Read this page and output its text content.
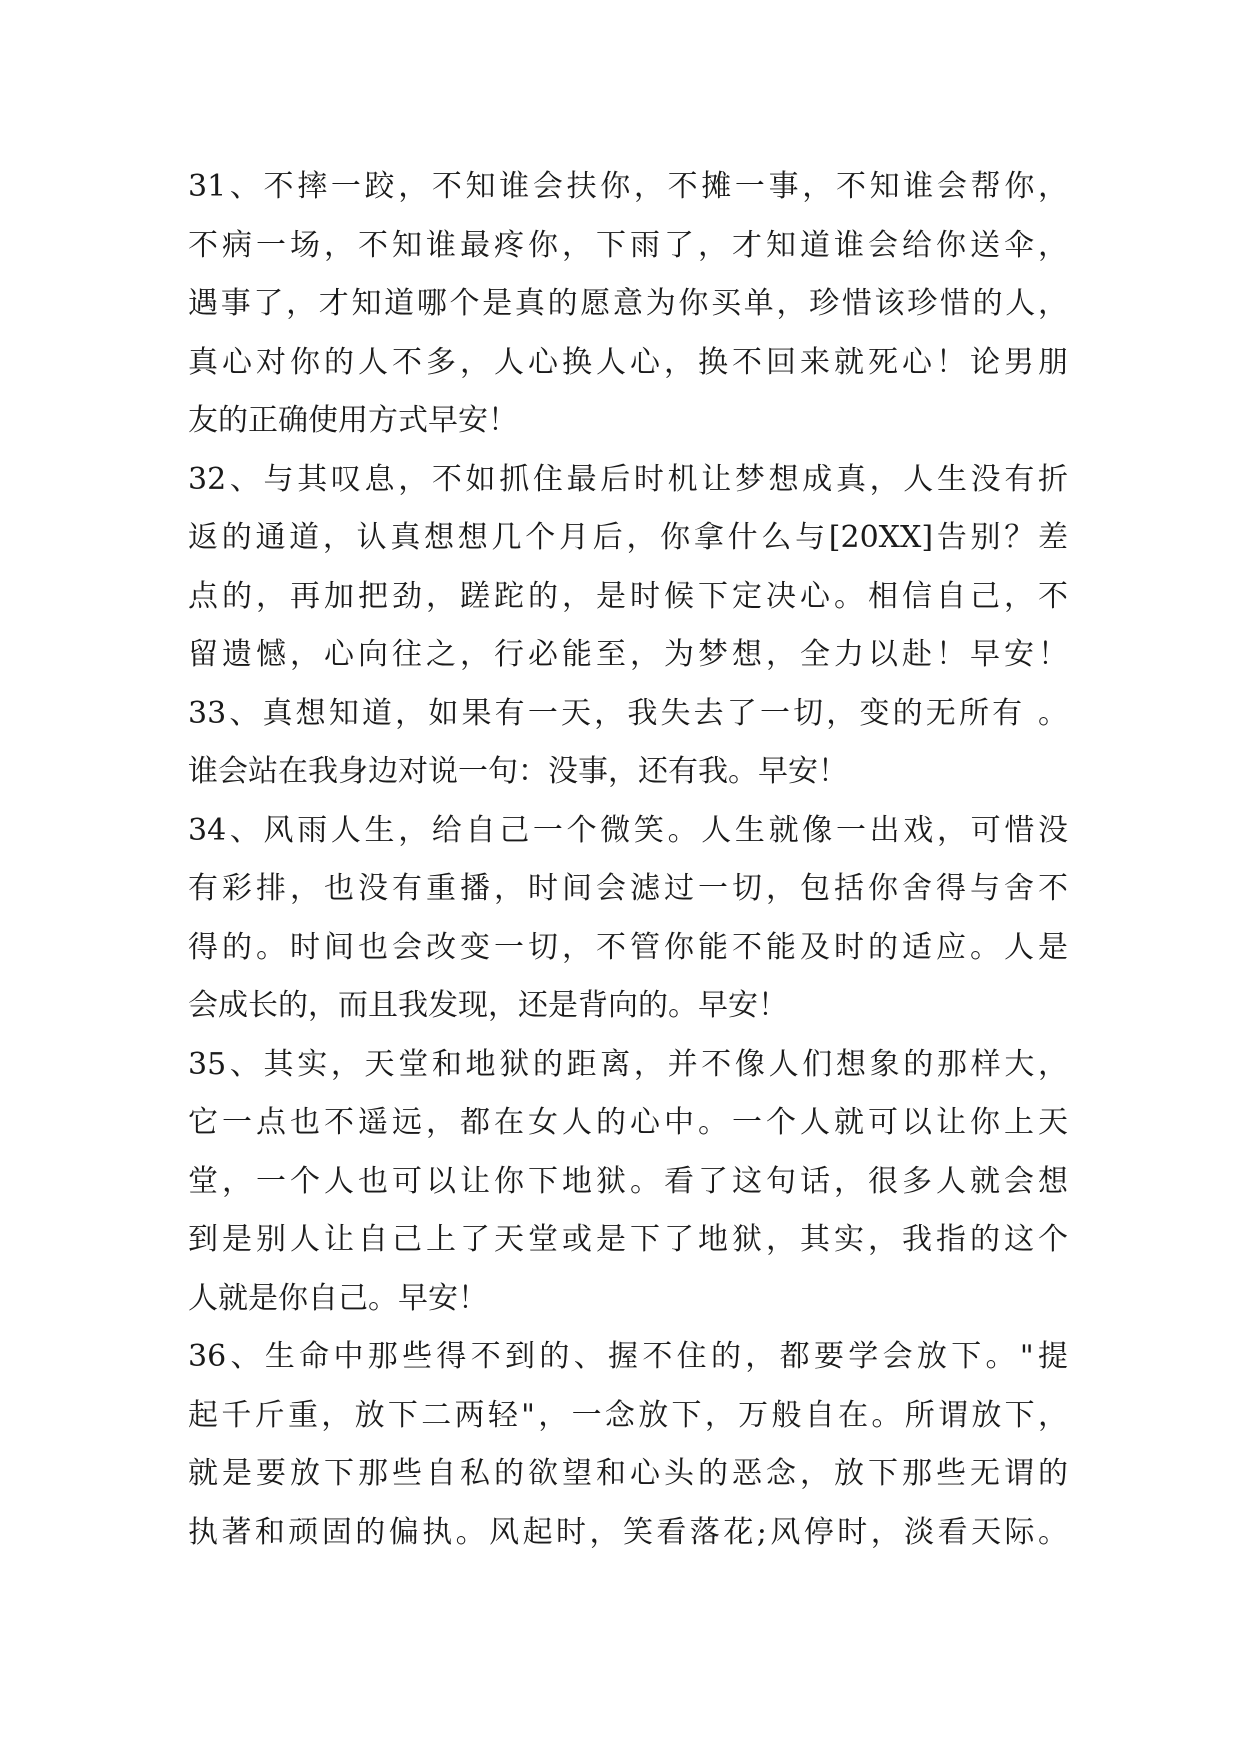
31、不摔一跤，不知谁会扶你，不摊一事，不知谁会帮你，
不病一场，不知谁最疼你，下雨了，才知道谁会给你送伞，
遇事了，才知道哪个是真的愿意为你买单，珍惜该珍惜的人，
真心对你的人不多，人心换人心，换不回来就死心！论男朋
友的正确使用方式早安！
32、与其叹息，不如抓住最后时机让梦想成真，人生没有折
返的通道，认真想想几个月后，你拿什么与[20XX]告别？差
点的，再加把劲，蹉跎的，是时候下定决心。相信自己，不
留遗憾，心向往之，行必能至，为梦想，全力以赴！早安！
33、真想知道，如果有一天，我失去了一切，变的无所有 。
谁会站在我身边对说一句：没事，还有我。早安！
34、风雨人生，给自己一个微笑。人生就像一出戏，可惜没
有彩排，也没有重播，时间会滤过一切，包括你舍得与舍不
得的。时间也会改变一切，不管你能不能及时的适应。人是
会成长的，而且我发现，还是背向的。早安！
35、其实，天堂和地狱的距离，并不像人们想象的那样大，
它一点也不遥远，都在女人的心中。一个人就可以让你上天
堂，一个人也可以让你下地狱。看了这句话，很多人就会想
到是别人让自己上了天堂或是下了地狱，其实，我指的这个
人就是你自己。早安！
36、生命中那些得不到的、握不住的，都要学会放下。"提
起千斤重，放下二两轻"，一念放下，万般自在。所谓放下，
就是要放下那些自私的欲望和心头的恶念，放下那些无谓的
执著和顽固的偏执。风起时，笑看落花;风停时，淡看天际。
